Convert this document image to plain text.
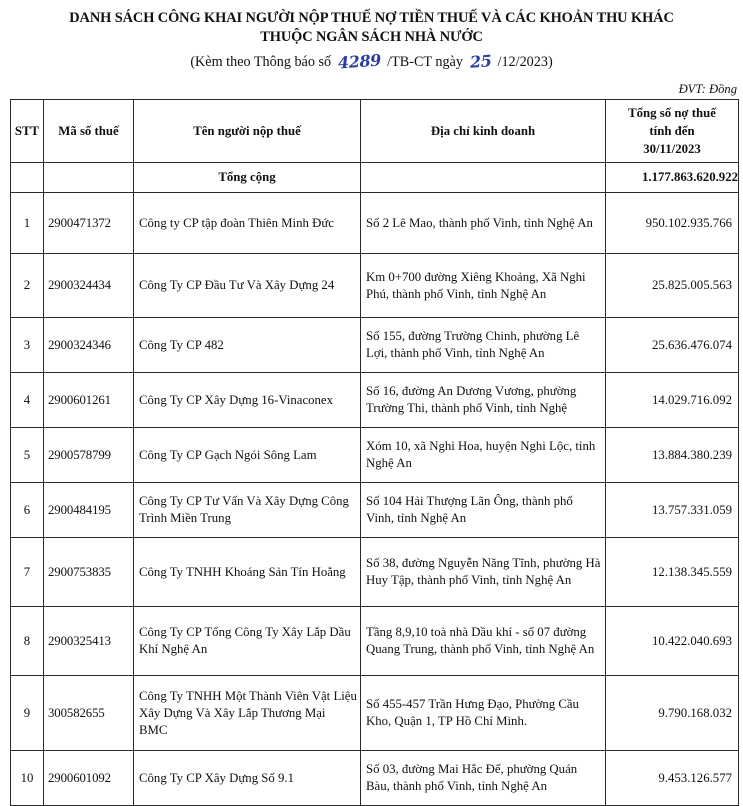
DANH SÁCH CÔNG KHAI NGƯỜI NỘP THUẾ NỢ TIỀN THUẾ VÀ CÁC KHOẢN THU KHÁC
THUỘC NGÂN SÁCH NHÀ NƯỚC
(Kèm theo Thông báo số 4289 /TB-CT ngày 25 /12/2023)
ĐVT: Đồng
STT	Mã số thuế	Tên người nộp thuế	Địa chỉ kinh doanh	Tổng số nợ thuế
tính đến
30/11/2023

		Tổng cộng		1.177.863.620.922
1	2900471372	Công ty CP tập đoàn Thiên Minh Đức	Số 2 Lê Mao, thành phố Vinh, tỉnh Nghệ An	950.102.935.766
2	2900324434	Công Ty CP Đầu Tư Và Xây Dựng 24	Km 0+700 đường Xiêng Khoảng, Xã Nghi Phú, thành phố Vinh, tỉnh Nghệ An	25.825.005.563
3	2900324346	Công Ty CP 482	Số 155, đường Trường Chinh, phường Lê Lợi, thành phố Vinh, tỉnh Nghệ An	25.636.476.074
4	2900601261	Công Ty CP Xây Dựng 16-Vinaconex	Số 16, đường An Dương Vương, phường Trường Thi, thành phố Vinh, tỉnh Nghệ	14.029.716.092
5	2900578799	Công Ty CP Gạch Ngói Sông Lam	Xóm 10, xã Nghi Hoa, huyện Nghi Lộc, tỉnh Nghệ An	13.884.380.239
6	2900484195	Công Ty CP Tư Vấn Và Xây Dựng Công Trình Miền Trung	Số 104 Hải Thượng Lãn Ông, thành phố Vinh, tỉnh Nghệ An	13.757.331.059
7	2900753835	Công Ty TNHH Khoáng Sản Tín Hoằng	Số 38, đường Nguyễn Năng Tĩnh, phường Hà Huy Tập, thành phố Vinh, tỉnh Nghệ An	12.138.345.559
8	2900325413	Công Ty CP Tổng Công Ty Xây Lắp Dầu Khí Nghệ An	Tầng 8,9,10 toà nhà Dầu khí - số 07 đường Quang Trung, thành phố Vinh, tỉnh Nghệ An	10.422.040.693
9	300582655	Công Ty TNHH Một Thành Viên Vật Liệu Xây Dựng Và Xây Lắp Thương Mại BMC	Số 455-457 Trần Hưng Đạo, Phường Cầu Kho, Quận 1, TP Hồ Chí Minh.	9.790.168.032
10	2900601092	Công Ty CP Xây Dựng Số 9.1	Số 03, đường Mai Hắc Đế, phường Quán Bàu, thành phố Vinh, tỉnh Nghệ An	9.453.126.577
